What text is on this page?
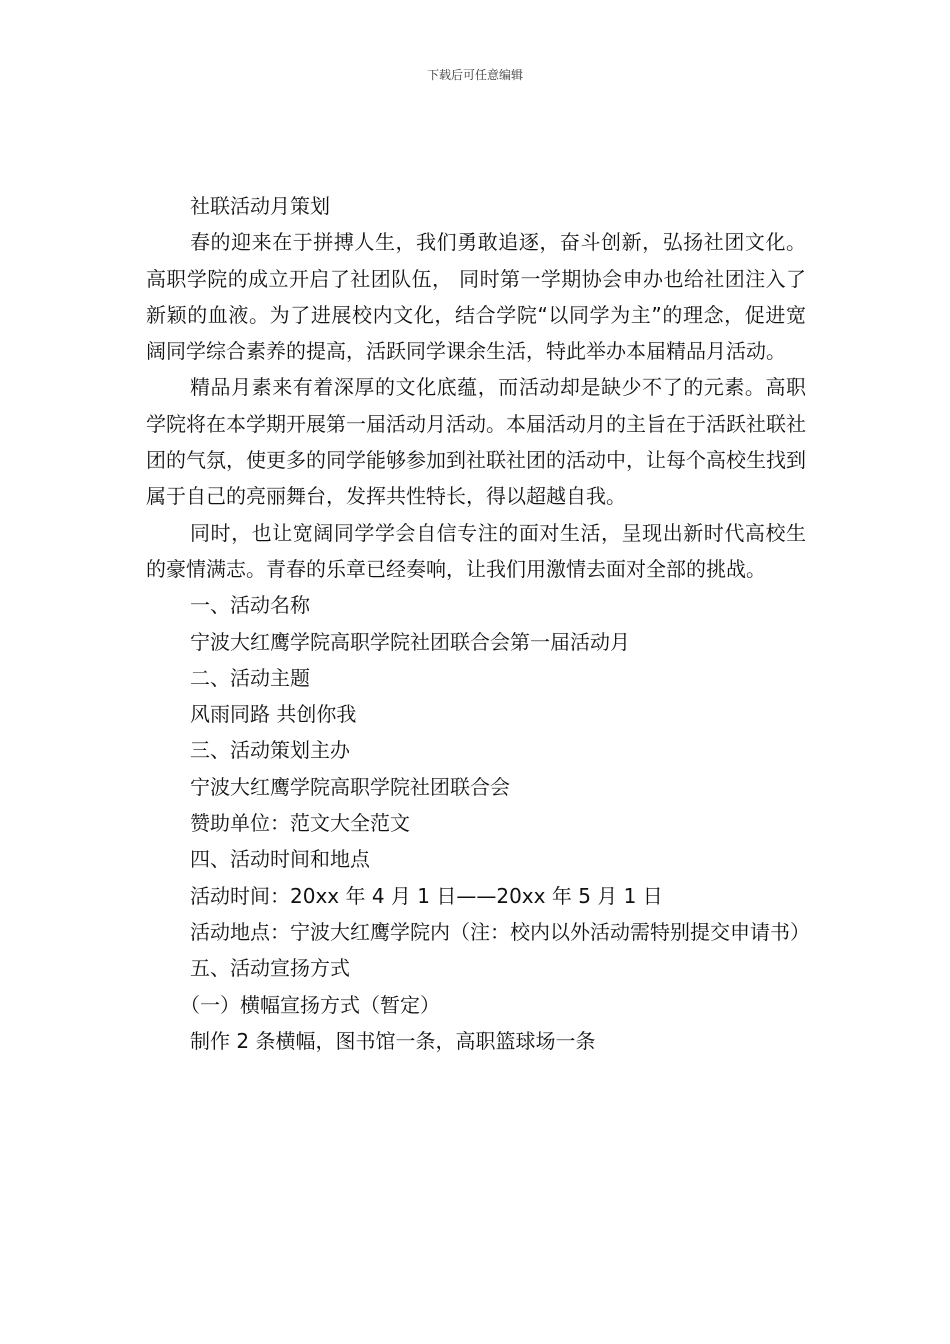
下载后可任意编辑

社联活动月策划

春的迎来在于拼搏人生，我们勇敢追逐，奋斗创新，弘扬社团文化。高职学院的成立开启了社团队伍， 同时第一学期协会申办也给社团注入了新颖的血液。为了进展校内文化，结合学院“以同学为主”的理念，促进宽阔同学综合素养的提高，活跃同学课余生活，特此举办本届精品月活动。

精品月素来有着深厚的文化底蕴，而活动却是缺少不了的元素。高职学院将在本学期开展第一届活动月活动。本届活动月的主旨在于活跃社联社团的气氛，使更多的同学能够参加到社联社团的活动中，让每个高校生找到属于自己的亮丽舞台，发挥共性特长，得以超越自我。

同时，也让宽阔同学学会自信专注的面对生活，呈现出新时代高校生的豪情满志。青春的乐章已经奏响，让我们用激情去面对全部的挑战。

一、活动名称

宁波大红鹰学院高职学院社团联合会第一届活动月

二、活动主题

风雨同路 共创你我

三、活动策划主办

宁波大红鹰学院高职学院社团联合会

赞助单位：范文大全范文

四、活动时间和地点

活动时间：20xx 年 4 月 1 日——20xx 年 5 月 1 日

活动地点：宁波大红鹰学院内（注：校内以外活动需特别提交申请书）

五、活动宣扬方式

（一）横幅宣扬方式（暂定）

制作 2 条横幅，图书馆一条，高职篮球场一条
